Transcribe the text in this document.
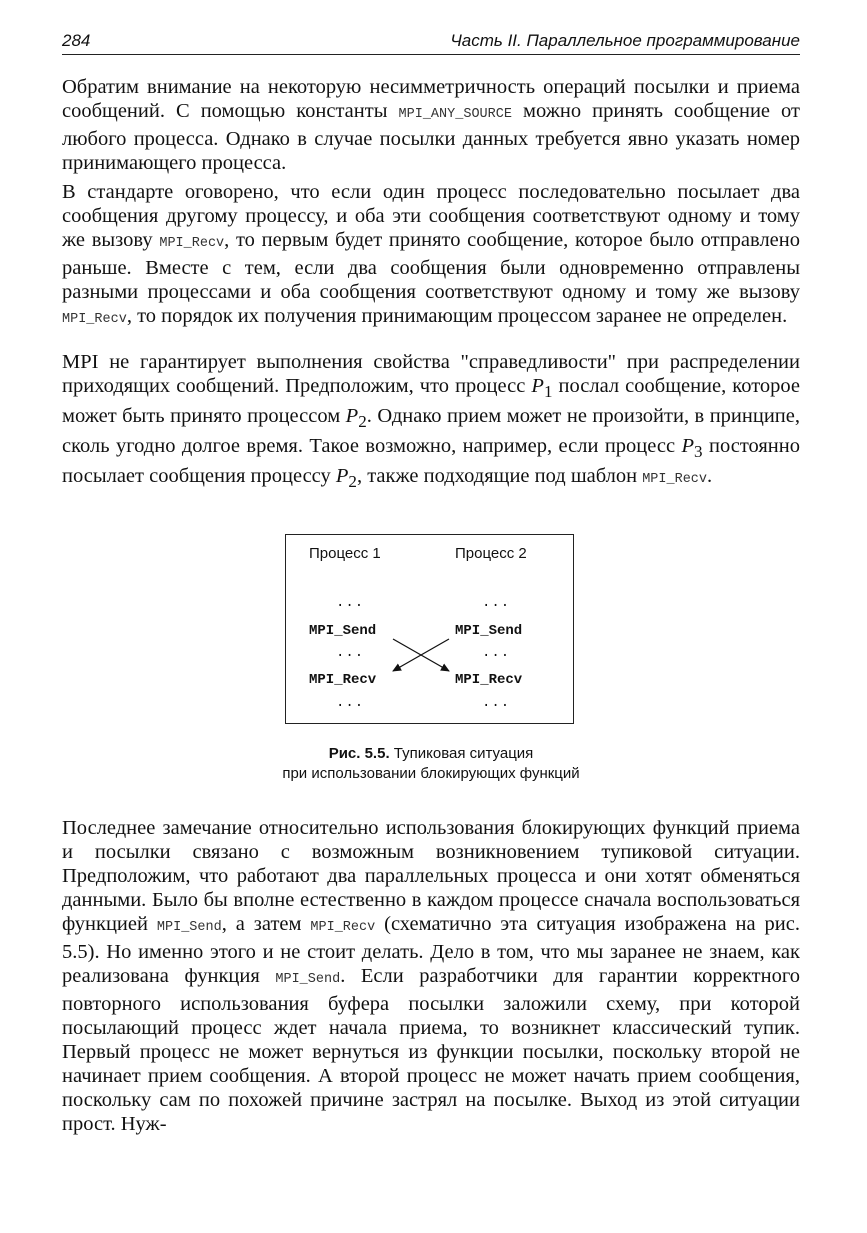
284	Часть II. Параллельное программирование

Обратим внимание на некоторую несимметричность операций посылки и приема сообщений. С помощью константы MPI_ANY_SOURCE можно принять сообщение от любого процесса. Однако в случае посылки данных требуется явно указать номер принимающего процесса.

В стандарте оговорено, что если один процесс последовательно посылает два сообщения другому процессу, и оба эти сообщения соответствуют одному и тому же вызову MPI_Recv, то первым будет принято сообщение, которое было отправлено раньше. Вместе с тем, если два сообщения были одновременно отправлены разными процессами и оба сообщения соответствуют одному и тому же вызову MPI_Recv, то порядок их получения принимающим процессом заранее не определен.

MPI не гарантирует выполнения свойства "справедливости" при распределении приходящих сообщений. Предположим, что процесс $P_1$ послал сообщение, которое может быть принято процессом $P_2$. Однако прием может не произойти, в принципе, сколь угодно долгое время. Такое возможно, например, если процесс $P_3$ постоянно посылает сообщения процессу $P_2$, также подходящие под шаблон MPI_Recv.

Процесс 1	Процесс 2
...	...
MPI_Send	MPI_Send
...	...
MPI_Recv	MPI_Recv
...	...
Рис. 5.5. Тупиковая ситуация
при использовании блокирующих функций

Последнее замечание относительно использования блокирующих функций приема и посылки связано с возможным возникновением тупиковой ситуации. Предположим, что работают два параллельных процесса и они хотят обменяться данными. Было бы вполне естественно в каждом процессе сначала воспользоваться функцией MPI_Send, а затем MPI_Recv (схематично эта ситуация изображена на рис. 5.5). Но именно этого и не стоит делать. Дело в том, что мы заранее не знаем, как реализована функция MPI_Send. Если разработчики для гарантии корректного повторного использования буфера посылки заложили схему, при которой посылающий процесс ждет начала приема, то возникнет классический тупик. Первый процесс не может вернуться из функции посылки, поскольку второй не начинает прием сообщения. А второй процесс не может начать прием сообщения, поскольку сам по похожей причине застрял на посылке. Выход из этой ситуации прост. Нуж-
